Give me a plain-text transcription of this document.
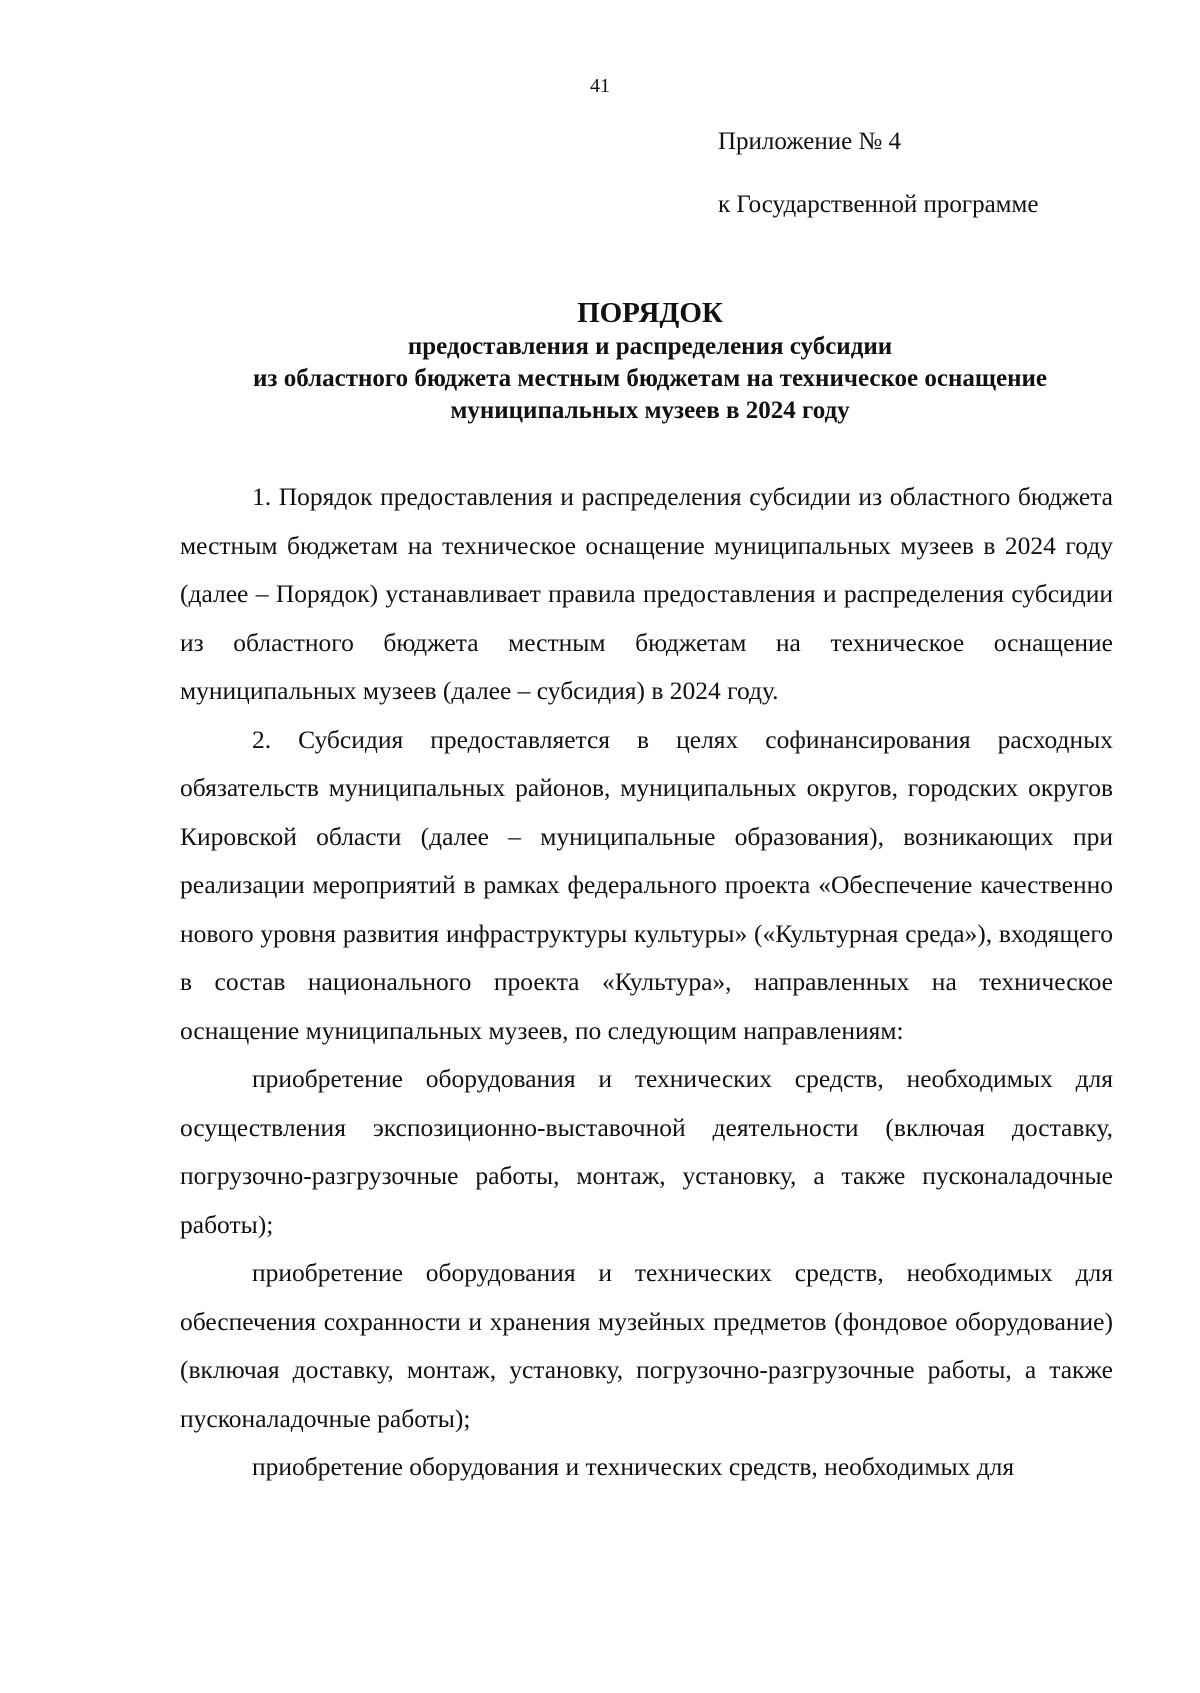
41
Приложение № 4
к Государственной программе
ПОРЯДОК
предоставления и распределения субсидии
из областного бюджета местным бюджетам на техническое оснащение
муниципальных музеев в 2024 году

1. Порядок предоставления и распределения субсидии из областного бюджета местным бюджетам на техническое оснащение муниципальных музеев в 2024 году (далее – Порядок) устанавливает правила предоставления и распределения субсидии из областного бюджета местным бюджетам на техническое оснащение муниципальных музеев (далее – субсидия) в 2024 году.

2. Субсидия предоставляется в целях софинансирования расходных обязательств муниципальных районов, муниципальных округов, городских округов Кировской области (далее – муниципальные образования), возникающих при реализации мероприятий в рамках федерального проекта «Обеспечение качественно нового уровня развития инфраструктуры культуры» («Культурная среда»), входящего в состав национального проекта «Культура», направленных на техническое оснащение муниципальных музеев, по следующим направлениям:

приобретение оборудования и технических средств, необходимых для осуществления экспозиционно-выставочной деятельности (включая доставку, погрузочно-разгрузочные работы, монтаж, установку, а также пусконаладочные работы);

приобретение оборудования и технических средств, необходимых для обеспечения сохранности и хранения музейных предметов (фондовое оборудование) (включая доставку, монтаж, установку, погрузочно-разгрузочные работы, а также пусконаладочные работы);

приобретение оборудования и технических средств, необходимых для
